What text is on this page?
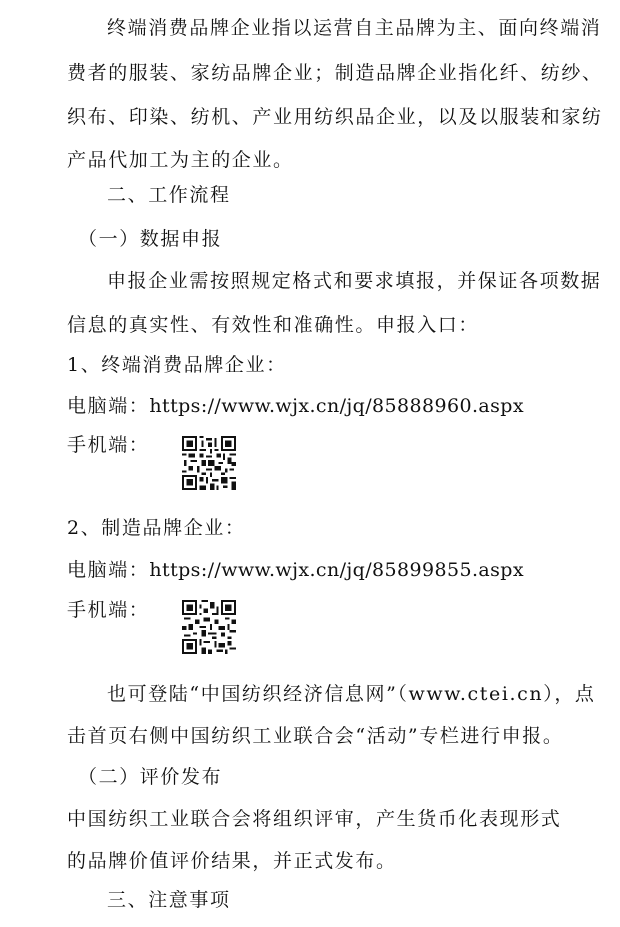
终端消费品牌企业指以运营自主品牌为主、面向终端消
费者的服装、家纺品牌企业；制造品牌企业指化纤、纺纱、
织布、印染、纺机、产业用纺织品企业，以及以服装和家纺
产品代加工为主的企业。
二、工作流程
（一）数据申报
申报企业需按照规定格式和要求填报，并保证各项数据
信息的真实性、有效性和准确性。申报入口：
1、终端消费品牌企业：
电脑端：https://www.wjx.cn/jq/85888960.aspx
手机端：
2、制造品牌企业：
电脑端：https://www.wjx.cn/jq/85899855.aspx
手机端：
也可登陆“中国纺织经济信息网”（www.ctei.cn），点
击首页右侧中国纺织工业联合会“活动”专栏进行申报。
（二）评价发布
中国纺织工业联合会将组织评审，产生货币化表现形式
的品牌价值评价结果，并正式发布。
三、注意事项
